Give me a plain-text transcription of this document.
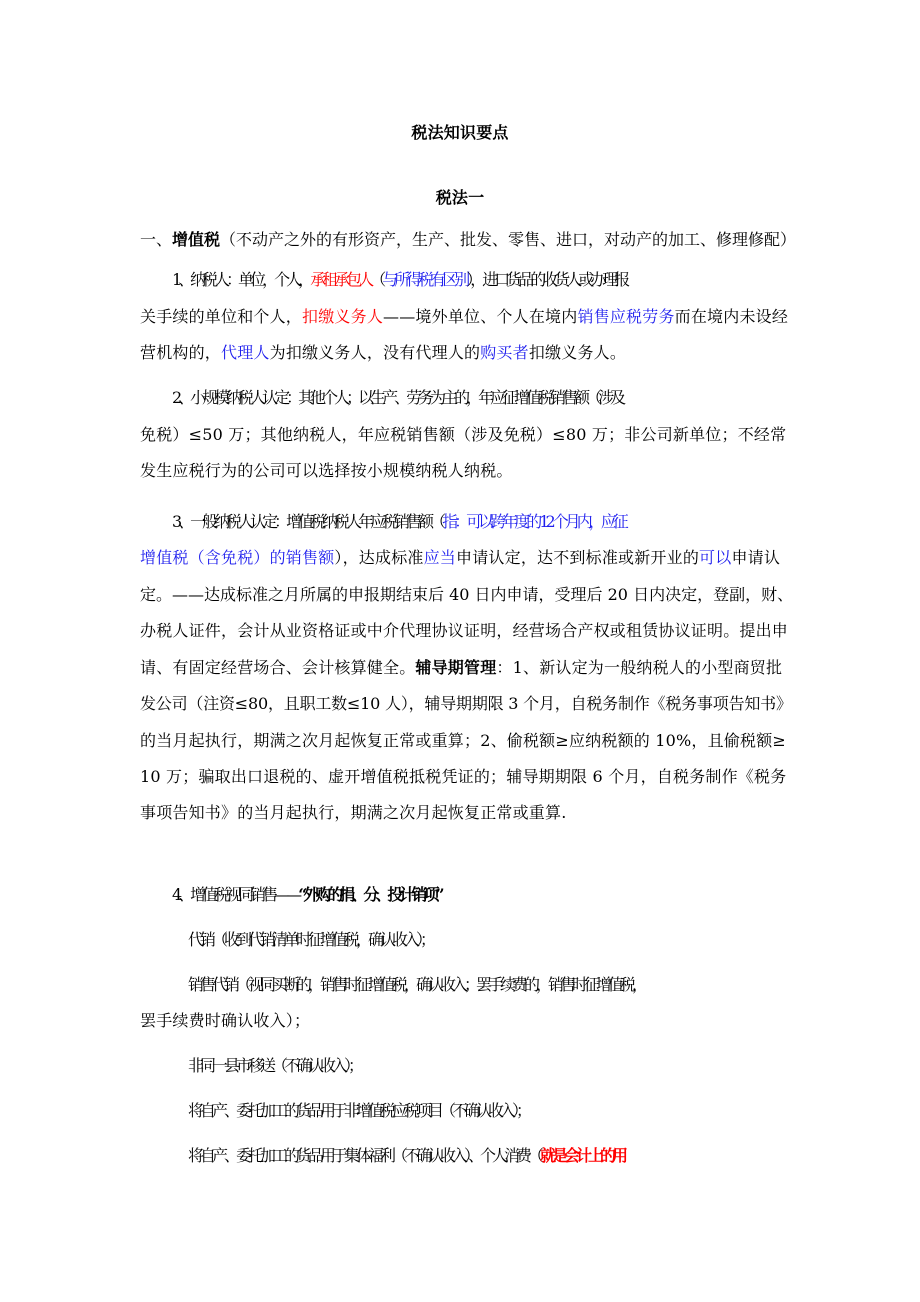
税法知识要点
税法一
一、增值税（不动产之外的有形资产，生产、批发、零售、进口，对动产的加工、修理修配）
1、纳税人：单位，个人，承租承包人（与所得税有区别），进口货品的收货人或办理报
关手续的单位和个人，扣缴义务人——境外单位、个人在境内销售应税劳务而在境内未设经
营机构的，代理人为扣缴义务人，没有代理人的购买者扣缴义务人。
2、小规模纳税人认定：其他个人；以生产、劳务为主的，年应征增值税销售额（涉及
免税）≤50 万；其他纳税人，年应税销售额（涉及免税）≤80 万；非公司新单位；不经常
发生应税行为的公司可以选择按小规模纳税人纳税。
3、一般纳税人认定：增值税纳税人年应税销售额（指：可以跨年度的 12 个月内，应征
增值税（含免税）的销售额），达成标准应当申请认定，达不到标准或新开业的可以申请认
定。——达成标准之月所属的申报期结束后 40 日内申请，受理后 20 日内决定，登副，财、
办税人证件，会计从业资格证或中介代理协议证明，经营场合产权或租赁协议证明。提出申
请、有固定经营场合、会计核算健全。辅导期管理：1、新认定为一般纳税人的小型商贸批
发公司（注资≤80，且职工数≤10 人），辅导期期限 3 个月，自税务制作《税务事项告知书》
的当月起执行，期满之次月起恢复正常或重算；2、偷税额≥应纳税额的 10%，且偷税额≥
10 万；骗取出口退税的、虚开增值税抵税凭证的；辅导期期限 6 个月，自税务制作《税务
事项告知书》的当月起执行，期满之次月起恢复正常或重算.
4、增值税视同销售——“外购的捐、分、投计销项”
代销（收到代销清单时征增值税，确认收入）；
销售代销（视同买断的，销售时征增值税，确认收入；罢手续费的，销售时征增值税，
罢手续费时确认收入）；
非同一县市移送（不确认收入）；
将自产、委托加工的货品用于非增值税应税项目（不确认收入）；
将自产、委托加工的货品用于集体福利（不确认收入）、个人消费（就是会计上的用
